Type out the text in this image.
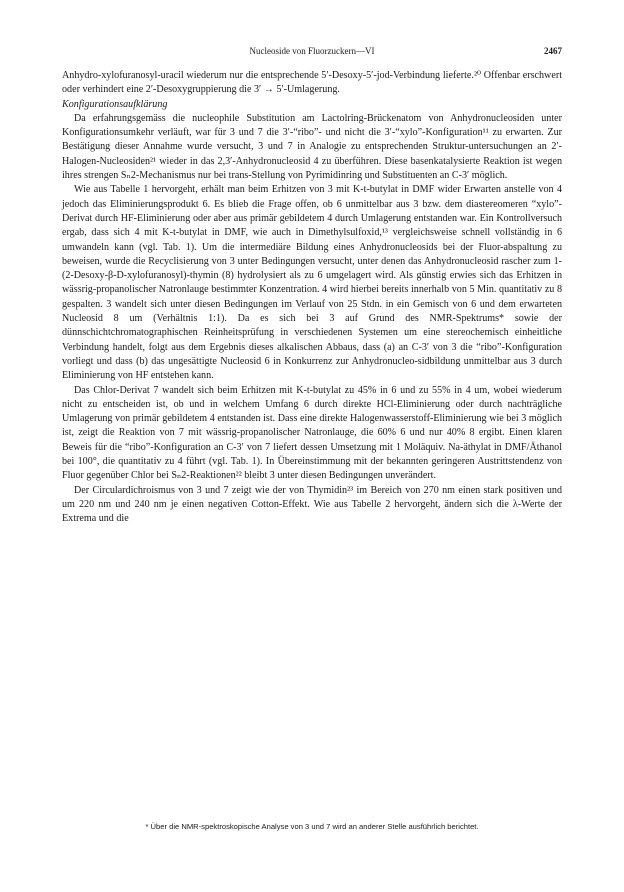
Nucleoside von Fluorzuckern—VI	2467

Anhydro-xylofuranosyl-uracil wiederum nur die entsprechende 5′-Desoxy-5′-jod-Verbindung lieferte.²⁰ Offenbar erschwert oder verhindert eine 2′-Desoxygruppierung die 3′ → 5′-Umlagerung.

Konfigurationsaufklärung

Da erfahrungsgemäss die nucleophile Substitution am Lactolring-Brückenatom von Anhydronucleosiden unter Konfigurationsumkehr verläuft, war für 3 und 7 die 3′-“ribo”- und nicht die 3′-“xylo”-Konfiguration¹¹ zu erwarten. Zur Bestätigung dieser Annahme wurde versucht, 3 und 7 in Analogie zu entsprechenden Struktur-untersuchungen an 2′-Halogen-Nucleosiden²¹ wieder in das 2,3′-Anhydronucleosid 4 zu überführen. Diese basenkatalysierte Reaktion ist wegen ihres strengen Sₙ2-Mechanismus nur bei trans-Stellung von Pyrimidinring und Substituenten an C-3′ möglich.

Wie aus Tabelle 1 hervorgeht, erhält man beim Erhitzen von 3 mit K-t-butylat in DMF wider Erwarten anstelle von 4 jedoch das Eliminierungsprodukt 6. Es blieb die Frage offen, ob 6 unmittelbar aus 3 bzw. dem diastereomeren “xylo”-Derivat durch HF-Eliminierung oder aber aus primär gebildetem 4 durch Umlagerung entstanden war. Ein Kontrollversuch ergab, dass sich 4 mit K-t-butylat in DMF, wie auch in Dimethylsulfoxid,¹³ vergleichsweise schnell vollständig in 6 umwandeln kann (vgl. Tab. 1). Um die intermediäre Bildung eines Anhydronucleosids bei der Fluor-abspaltung zu beweisen, wurde die Recyclisierung von 3 unter Bedingungen versucht, unter denen das Anhydronucleosid rascher zum 1-(2-Desoxy-β-D-xylofuranosyl)-thymin (8) hydrolysiert als zu 6 umgelagert wird. Als günstig erwies sich das Erhitzen in wässrig-propanolischer Natronlauge bestimmter Konzentration. 4 wird hierbei bereits innerhalb von 5 Min. quantitativ zu 8 gespalten. 3 wandelt sich unter diesen Bedingungen im Verlauf von 25 Stdn. in ein Gemisch von 6 und dem erwarteten Nucleosid 8 um (Verhältnis 1:1). Da es sich bei 3 auf Grund des NMR-Spektrums* sowie der dünnschichtchromatographischen Reinheitsprüfung in verschiedenen Systemen um eine stereochemisch einheitliche Verbindung handelt, folgt aus dem Ergebnis dieses alkalischen Abbaus, dass (a) an C-3′ von 3 die “ribo”-Konfiguration vorliegt und dass (b) das ungesättigte Nucleosid 6 in Konkurrenz zur Anhydronucleo-sidbildung unmittelbar aus 3 durch Eliminierung von HF entstehen kann.

Das Chlor-Derivat 7 wandelt sich beim Erhitzen mit K-t-butylat zu 45% in 6 und zu 55% in 4 um, wobei wiederum nicht zu entscheiden ist, ob und in welchem Umfang 6 durch direkte HCl-Eliminierung oder durch nachträgliche Umlagerung von primär gebildetem 4 entstanden ist. Dass eine direkte Halogenwasserstoff-Eliminierung wie bei 3 möglich ist, zeigt die Reaktion von 7 mit wässrig-propanolischer Natronlauge, die 60% 6 und nur 40% 8 ergibt. Einen klaren Beweis für die “ribo”-Konfiguration an C-3′ von 7 liefert dessen Umsetzung mit 1 Moläquiv. Na-äthylat in DMF/Äthanol bei 100°, die quantitativ zu 4 führt (vgl. Tab. 1). In Übereinstimmung mit der bekannten geringeren Austrittstendenz von Fluor gegenüber Chlor bei Sₙ2-Reaktionen²² bleibt 3 unter diesen Bedingungen unverändert.

Der Circulardichroismus von 3 und 7 zeigt wie der von Thymidin²³ im Bereich von 270 nm einen stark positiven und um 220 nm und 240 nm je einen negativen Cotton-Effekt. Wie aus Tabelle 2 hervorgeht, ändern sich die λ-Werte der Extrema und die

* Über die NMR-spektroskopische Analyse von 3 und 7 wird an anderer Stelle ausführlich berichtet.
